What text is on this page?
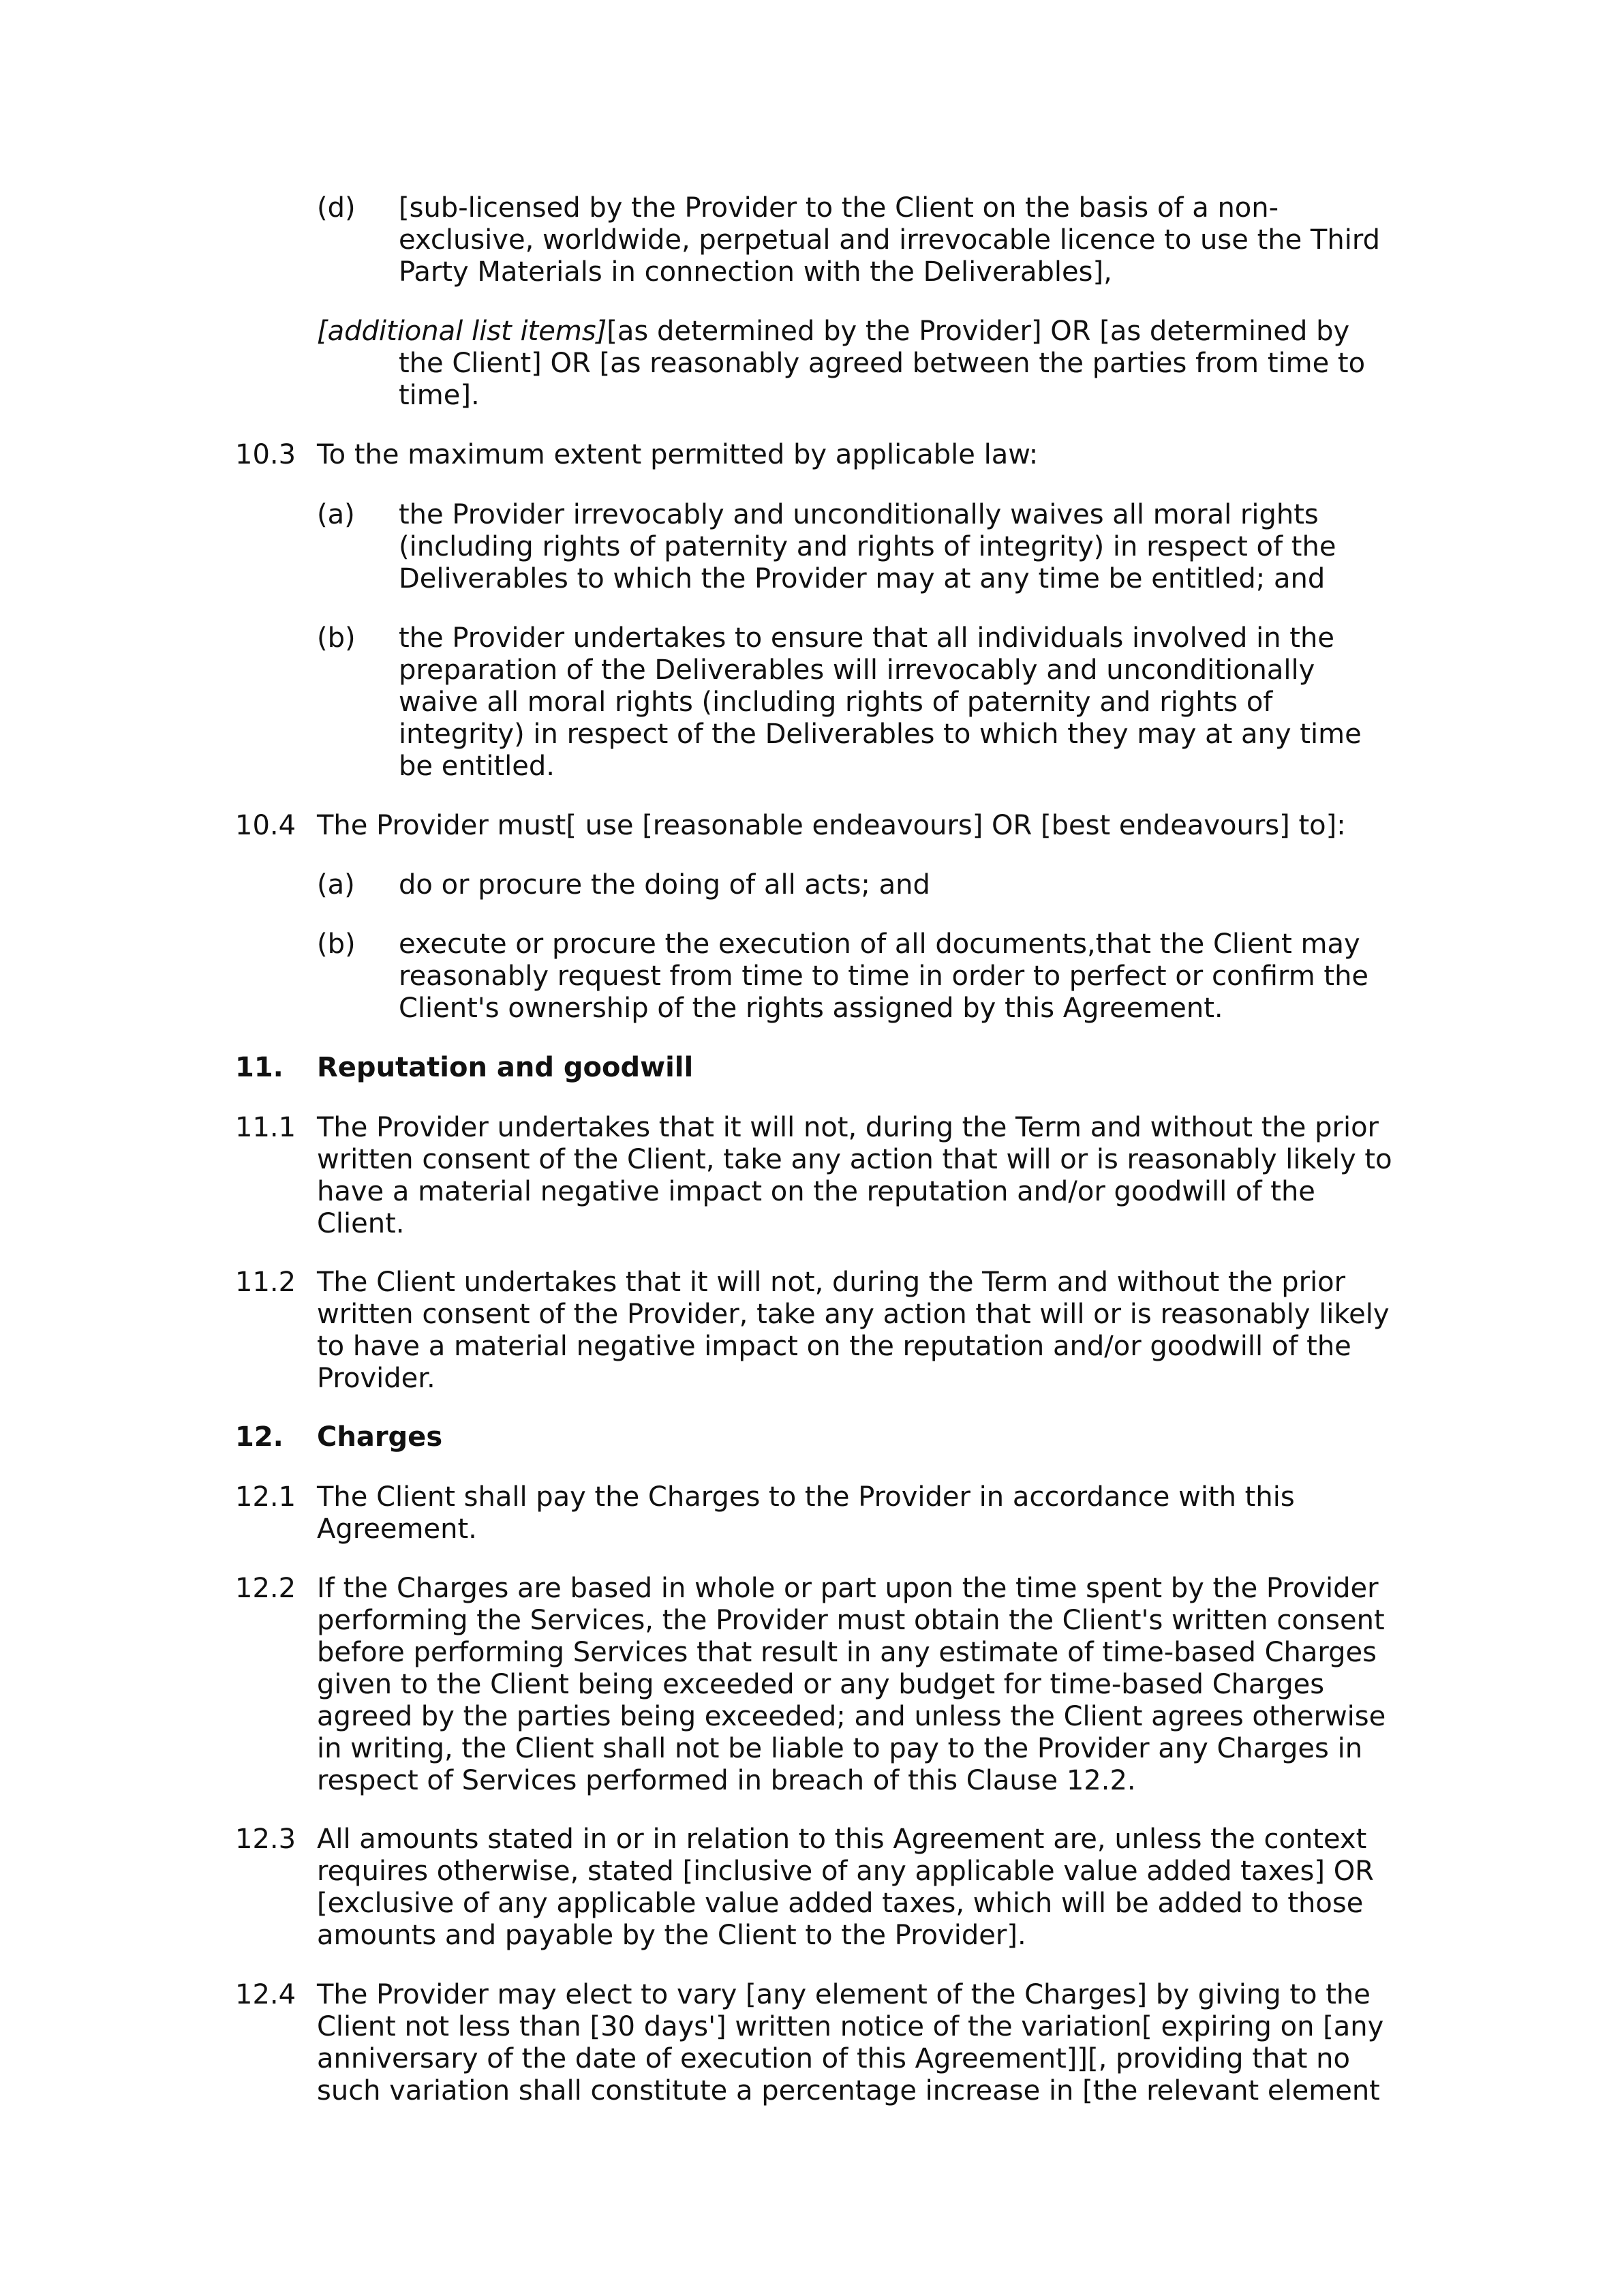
(d) [sub-licensed by the Provider to the Client on the basis of a non-
exclusive, worldwide, perpetual and irrevocable licence to use the Third
Party Materials in connection with the Deliverables],
[additional list items][as determined by the Provider] OR [as determined by
the Client] OR [as reasonably agreed between the parties from time to
time].
10.3 To the maximum extent permitted by applicable law:
(a) the Provider irrevocably and unconditionally waives all moral rights
(including rights of paternity and rights of integrity) in respect of the
Deliverables to which the Provider may at any time be entitled; and
(b) the Provider undertakes to ensure that all individuals involved in the
preparation of the Deliverables will irrevocably and unconditionally
waive all moral rights (including rights of paternity and rights of
integrity) in respect of the Deliverables to which they may at any time
be entitled.
10.4 The Provider must[ use [reasonable endeavours] OR [best endeavours] to]:
(a) do or procure the doing of all acts; and
(b) execute or procure the execution of all documents,that the Client may
reasonably request from time to time in order to perfect or confirm the
Client's ownership of the rights assigned by this Agreement.
11. Reputation and goodwill
11.1 The Provider undertakes that it will not, during the Term and without the prior
written consent of the Client, take any action that will or is reasonably likely to
have a material negative impact on the reputation and/or goodwill of the
Client.
11.2 The Client undertakes that it will not, during the Term and without the prior
written consent of the Provider, take any action that will or is reasonably likely
to have a material negative impact on the reputation and/or goodwill of the
Provider.
12. Charges
12.1 The Client shall pay the Charges to the Provider in accordance with this
Agreement.
12.2 If the Charges are based in whole or part upon the time spent by the Provider
performing the Services, the Provider must obtain the Client's written consent
before performing Services that result in any estimate of time-based Charges
given to the Client being exceeded or any budget for time-based Charges
agreed by the parties being exceeded; and unless the Client agrees otherwise
in writing, the Client shall not be liable to pay to the Provider any Charges in
respect of Services performed in breach of this Clause 12.2.
12.3 All amounts stated in or in relation to this Agreement are, unless the context
requires otherwise, stated [inclusive of any applicable value added taxes] OR
[exclusive of any applicable value added taxes, which will be added to those
amounts and payable by the Client to the Provider].
12.4 The Provider may elect to vary [any element of the Charges] by giving to the
Client not less than [30 days'] written notice of the variation[ expiring on [any
anniversary of the date of execution of this Agreement]][, providing that no
such variation shall constitute a percentage increase in [the relevant element
